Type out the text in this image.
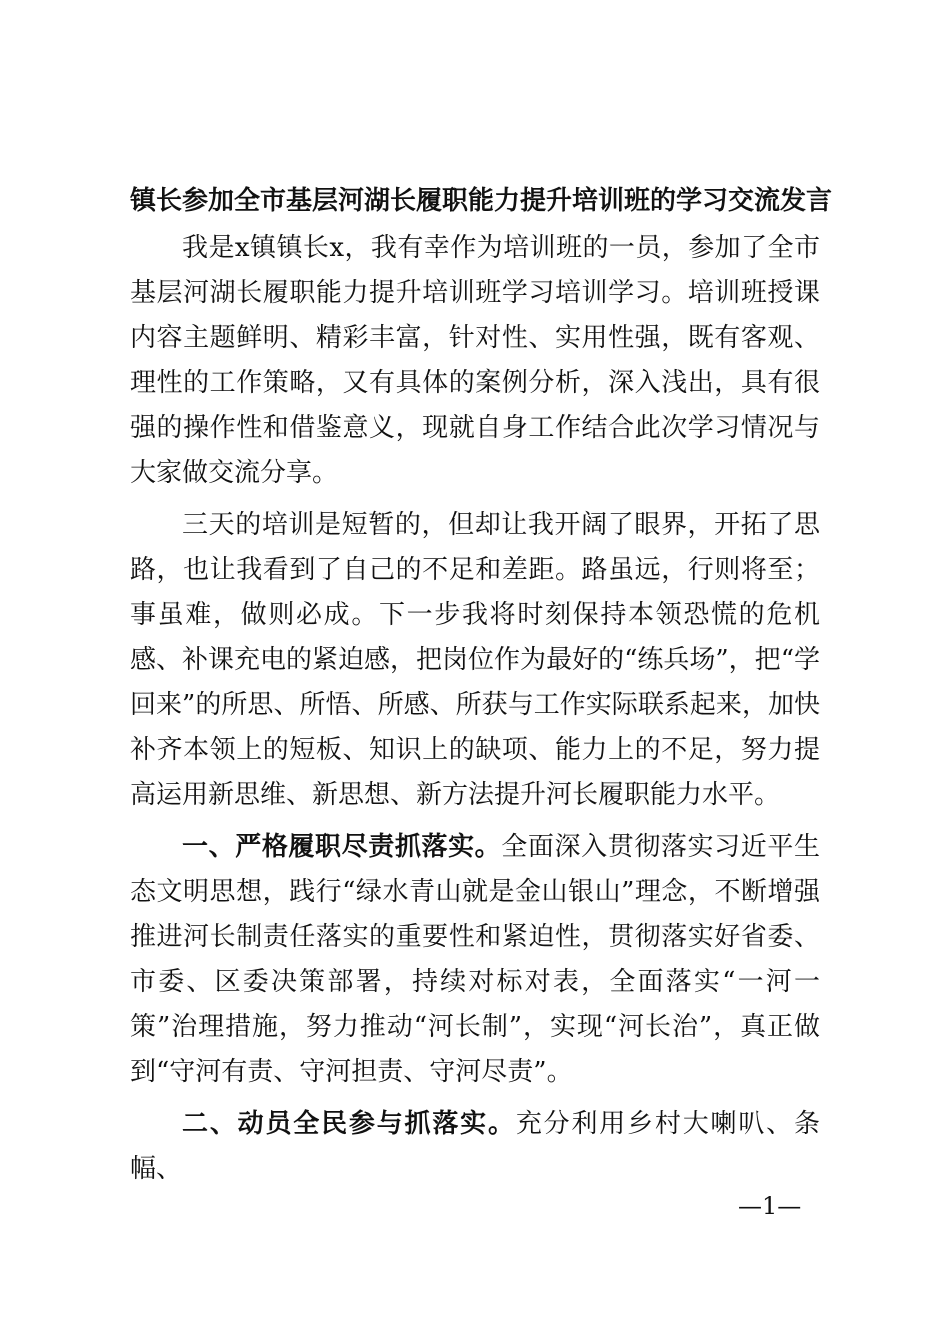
镇长参加全市基层河湖长履职能力提升培训班的学习交流发言

我是x镇镇长x，我有幸作为培训班的一员，参加了全市基层河湖长履职能力提升培训班学习培训学习。培训班授课内容主题鲜明、精彩丰富，针对性、实用性强，既有客观、理性的工作策略，又有具体的案例分析，深入浅出，具有很强的操作性和借鉴意义，现就自身工作结合此次学习情况与大家做交流分享。

三天的培训是短暂的，但却让我开阔了眼界，开拓了思路，也让我看到了自己的不足和差距。路虽远，行则将至；事虽难，做则必成。下一步我将时刻保持本领恐慌的危机感、补课充电的紧迫感，把岗位作为最好的“练兵场”，把“学回来”的所思、所悟、所感、所获与工作实际联系起来，加快补齐本领上的短板、知识上的缺项、能力上的不足，努力提高运用新思维、新思想、新方法提升河长履职能力水平。

一、严格履职尽责抓落实。全面深入贯彻落实习近平生态文明思想，践行“绿水青山就是金山银山”理念，不断增强推进河长制责任落实的重要性和紧迫性，贯彻落实好省委、市委、区委决策部署，持续对标对表，全面落实“一河一策”治理措施，努力推动“河长制”，实现“河长治”，真正做到“守河有责、守河担责、守河尽责”。

二、动员全民参与抓落实。充分利用乡村大喇叭、条幅、

—1—
